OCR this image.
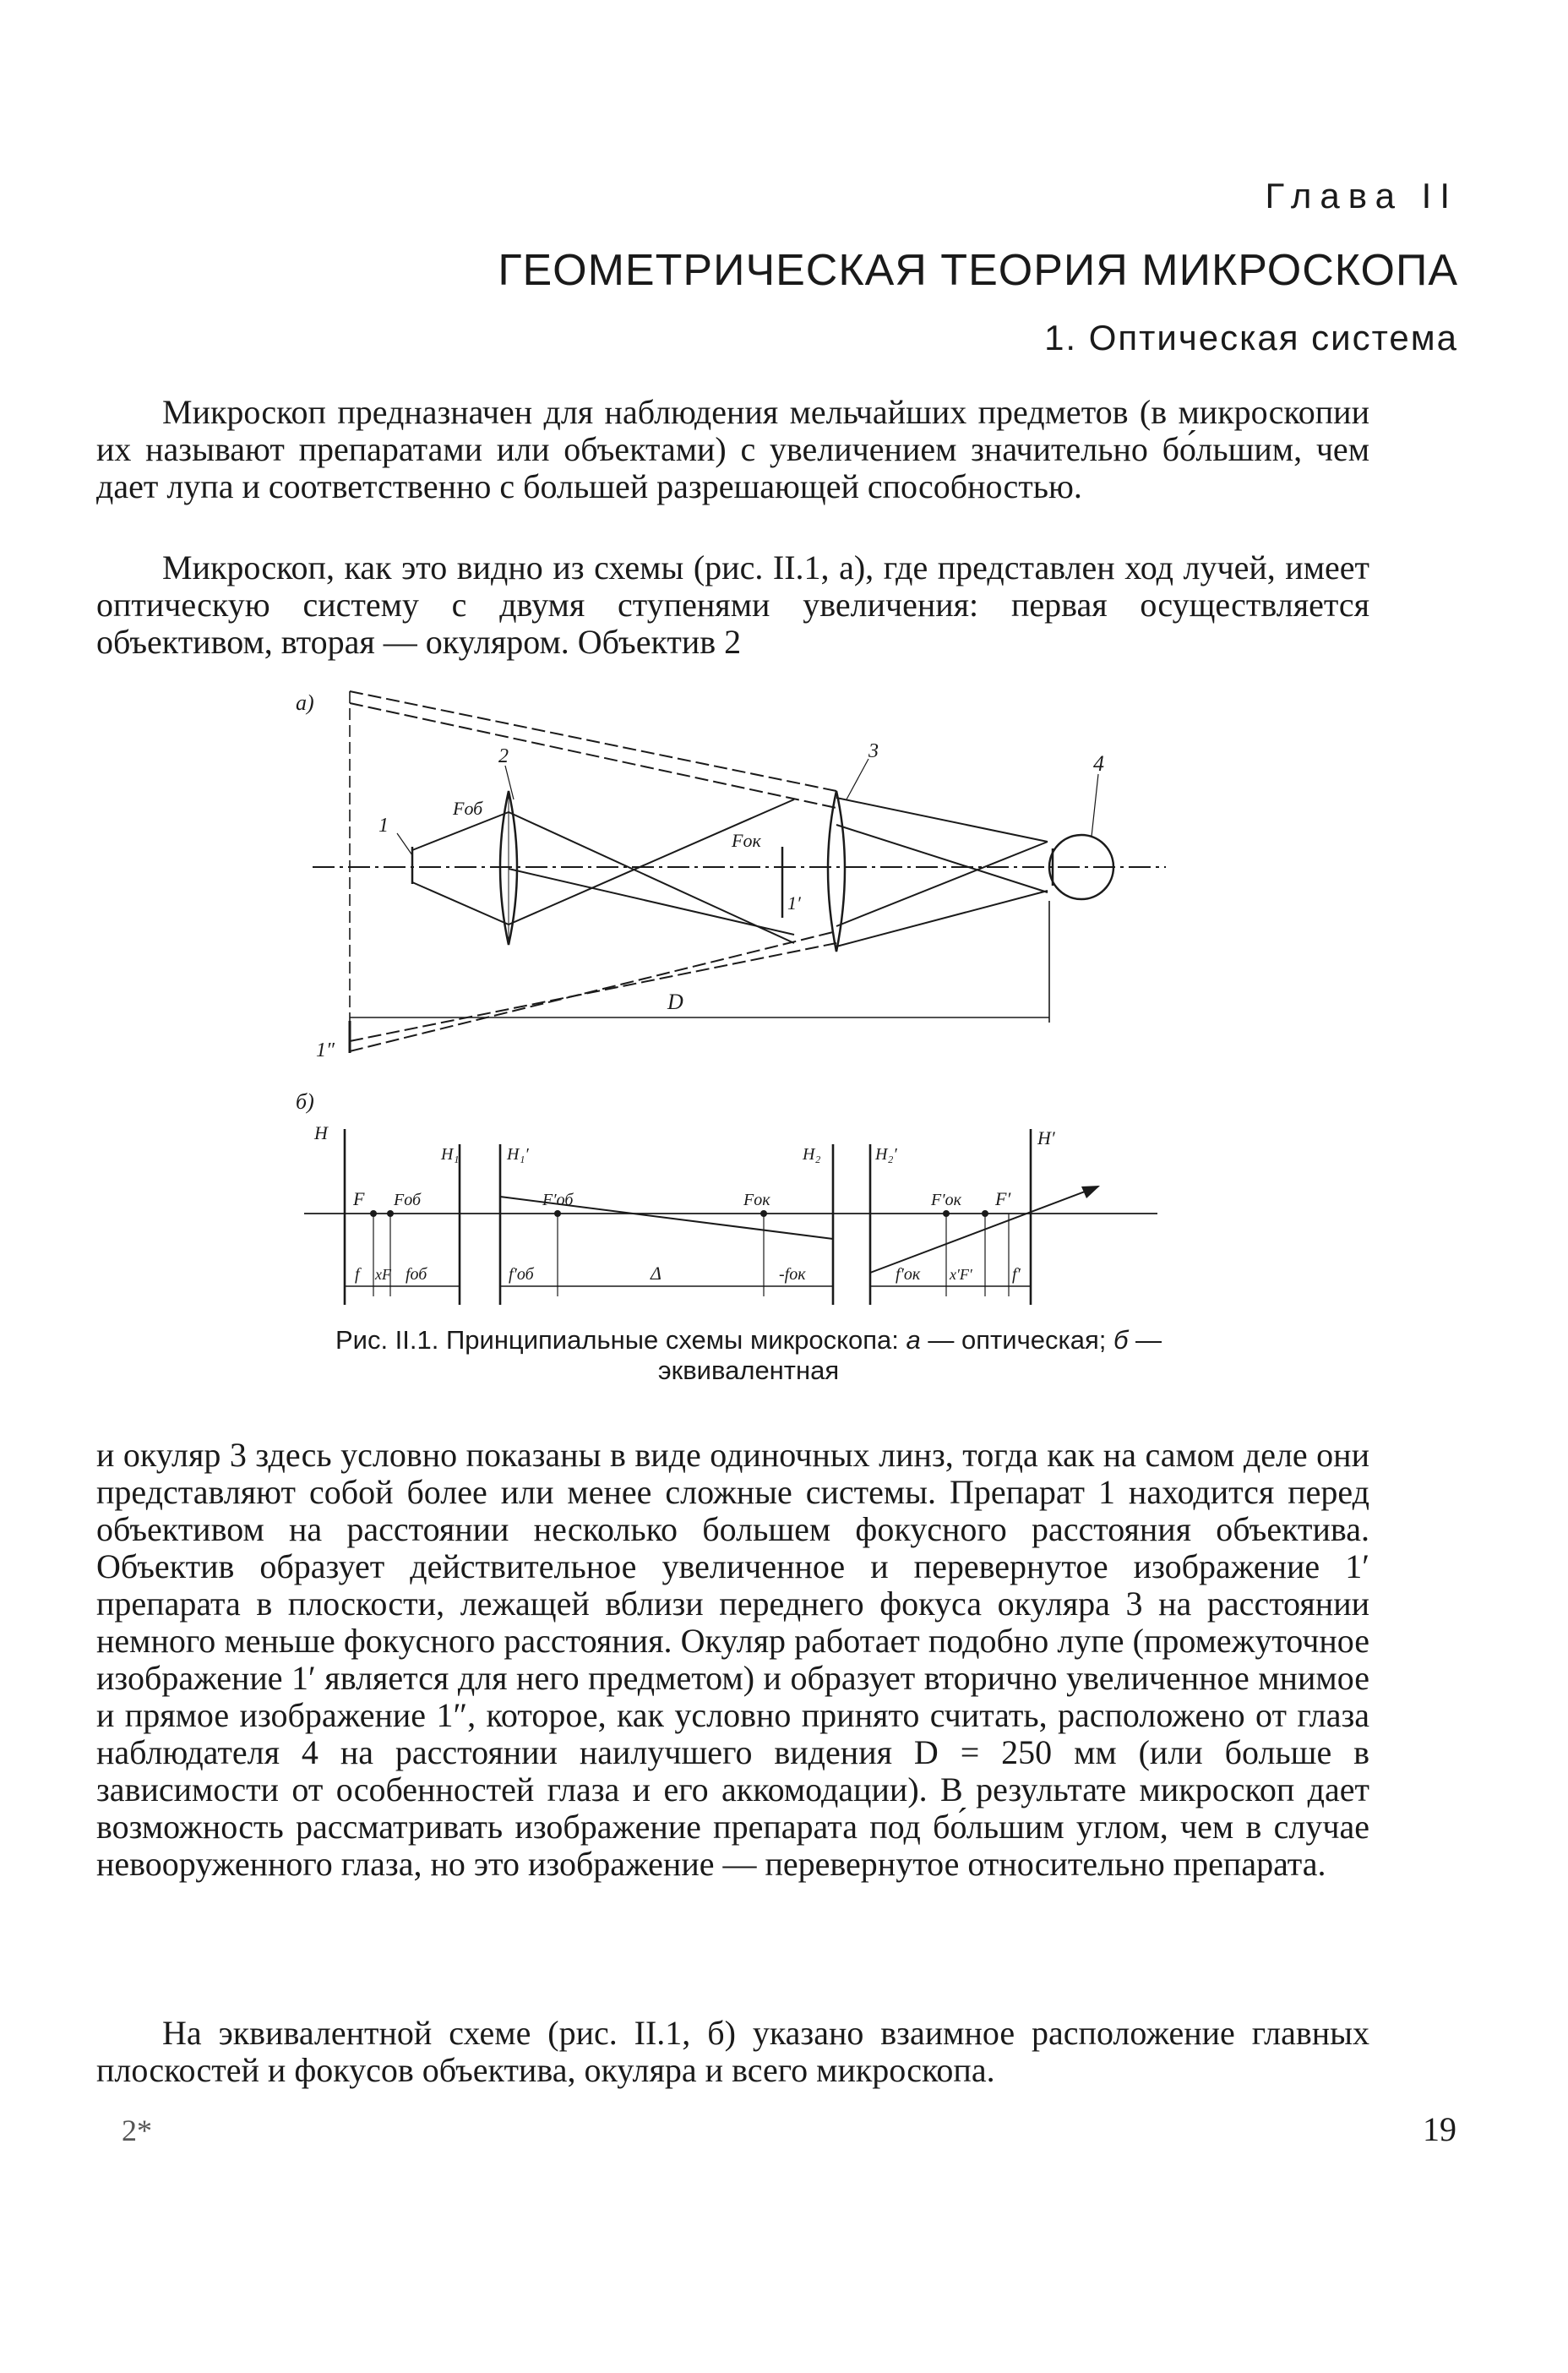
Глава II
ГЕОМЕТРИЧЕСКАЯ ТЕОРИЯ МИКРОСКОПА
1. Оптическая система

Микроскоп предназначен для наблюдения мельчайших предметов (в микроскопии их называют препаратами или объектами) с увеличением значительно бо́льшим, чем дает лупа и соответственно с большей разрешающей способностью.

Микроскоп, как это видно из схемы (рис. II.1, а), где представлен ход лучей, имеет оптическую систему с двумя ступенями увеличения: первая осуществляется объективом, вторая — окуляром. Объектив 2

а)
1
2	3	4
Fоб
Fок
1′
1″
D
б)
H
H₁	H₁′	H₂	H₂′
H′
F Fоб	F′об	Fок	F′ок F′
f xF fоб	f′об	Δ	-fок	f′ок x′F′ f′

Рис. II.1. Принципиальные схемы микроскопа: а — оптическая; б — эквивалентная

и окуляр 3 здесь условно показаны в виде одиночных линз, тогда как на самом деле они представляют собой более или менее сложные системы. Препарат 1 находится перед объективом на расстоянии несколько большем фокусного расстояния объектива. Объектив образует действительное увеличенное и перевернутое изображение 1′ препарата в плоскости, лежащей вблизи переднего фокуса окуляра 3 на расстоянии немного меньше фокусного расстояния. Окуляр работает подобно лупе (промежуточное изображение 1′ является для него предметом) и образует вторично увеличенное мнимое и прямое изображение 1″, которое, как условно принято считать, расположено от глаза наблюдателя 4 на расстоянии наилучшего видения D = 250 мм (или больше в зависимости от особенностей глаза и его аккомодации). В результате микроскоп дает возможность рассматривать изображение препарата под бо́льшим углом, чем в случае невооруженного глаза, но это изображение — перевернутое относительно препарата.

На эквивалентной схеме (рис. II.1, б) указано взаимное расположение главных плоскостей и фокусов объектива, окуляра и всего микроскопа.

2*	19
